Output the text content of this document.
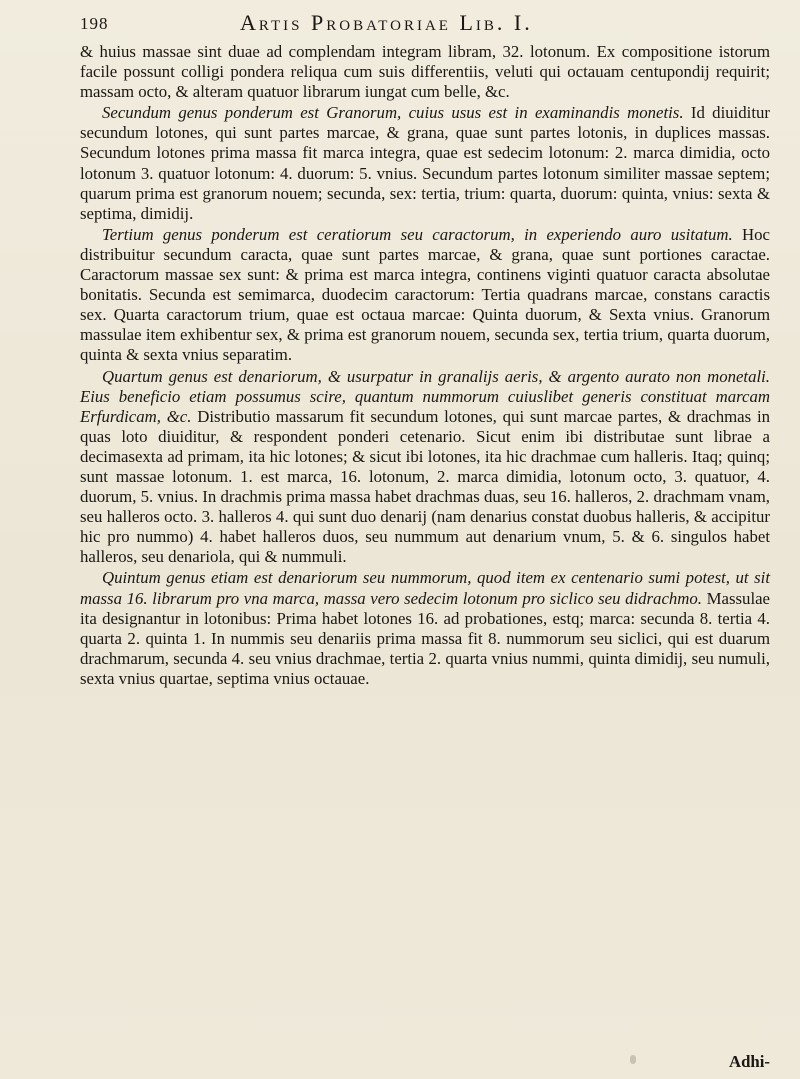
198	Artis Probatoriae Lib. I.

& huius massae sint duae ad complendam integram libram, 32. lotonum. Ex compositione istorum facile possunt colligi pondera reliqua cum suis differentiis, veluti qui octauam centupondij requirit; massam octo, & alteram quatuor librarum iungat cum belle, &c.

Secundum genus ponderum est Granorum, cuius usus est in examinandis monetis. Id diuiditur secundum lotones, qui sunt partes marcae, & grana, quae sunt partes lotonis, in duplices massas. Secundum lotones prima massa fit marca integra, quae est sedecim lotonum: 2. marca dimidia, octo lotonum 3. quatuor lotonum: 4. duorum: 5. vnius. Secundum partes lotonum similiter massae septem; quarum prima est granorum nouem; secunda, sex: tertia, trium: quarta, duorum: quinta, vnius: sexta & septima, dimidij.

Tertium genus ponderum est ceratiorum seu caractorum, in experiendo auro usitatum. Hoc distribuitur secundum caracta, quae sunt partes marcae, & grana, quae sunt portiones caractae. Caractorum massae sex sunt: & prima est marca integra, continens viginti quatuor caracta absolutae bonitatis. Secunda est semimarca, duodecim caractorum: Tertia quadrans marcae, constans caractis sex. Quarta caractorum trium, quae est octaua marcae: Quinta duorum, & Sexta vnius. Granorum massulae item exhibentur sex, & prima est granorum nouem, secunda sex, tertia trium, quarta duorum, quinta & sexta vnius separatim.

Quartum genus est denariorum, & usurpatur in granalijs aeris, & argento aurato non monetali. Eius beneficio etiam possumus scire, quantum nummorum cuiuslibet generis constituat marcam Erfurdicam, &c. Distributio massarum fit secundum lotones, qui sunt marcae partes, & drachmas in quas loto diuiditur, & respondent ponderi cetenario. Sicut enim ibi distributae sunt librae a decimasexta ad primam, ita hic lotones; & sicut ibi lotones, ita hic drachmae cum halleris. Itaq; quinq; sunt massae lotonum. 1. est marca, 16. lotonum, 2. marca dimidia, lotonum octo, 3. quatuor, 4. duorum, 5. vnius. In drachmis prima massa habet drachmas duas, seu 16. halleros, 2. drachmam vnam, seu halleros octo. 3. halleros 4. qui sunt duo denarij (nam denarius constat duobus halleris, & accipitur hic pro nummo) 4. habet halleros duos, seu nummum aut denarium vnum, 5. & 6. singulos habet halleros, seu denariola, qui & nummuli.

Quintum genus etiam est denariorum seu nummorum, quod item ex centenario sumi potest, ut sit massa 16. librarum pro vna marca, massa vero sedecim lotonum pro siclico seu didrachmo. Massulae ita designantur in lotonibus: Prima habet lotones 16. ad probationes, estq; marca: secunda 8. tertia 4. quarta 2. quinta 1. In nummis seu denariis prima massa fit 8. nummorum seu siclici, qui est duarum drachmarum, secunda 4. seu vnius drachmae, tertia 2. quarta vnius nummi, quinta dimidij, seu numuli, sexta vnius quartae, septima vnius octauae.

Adhi-
